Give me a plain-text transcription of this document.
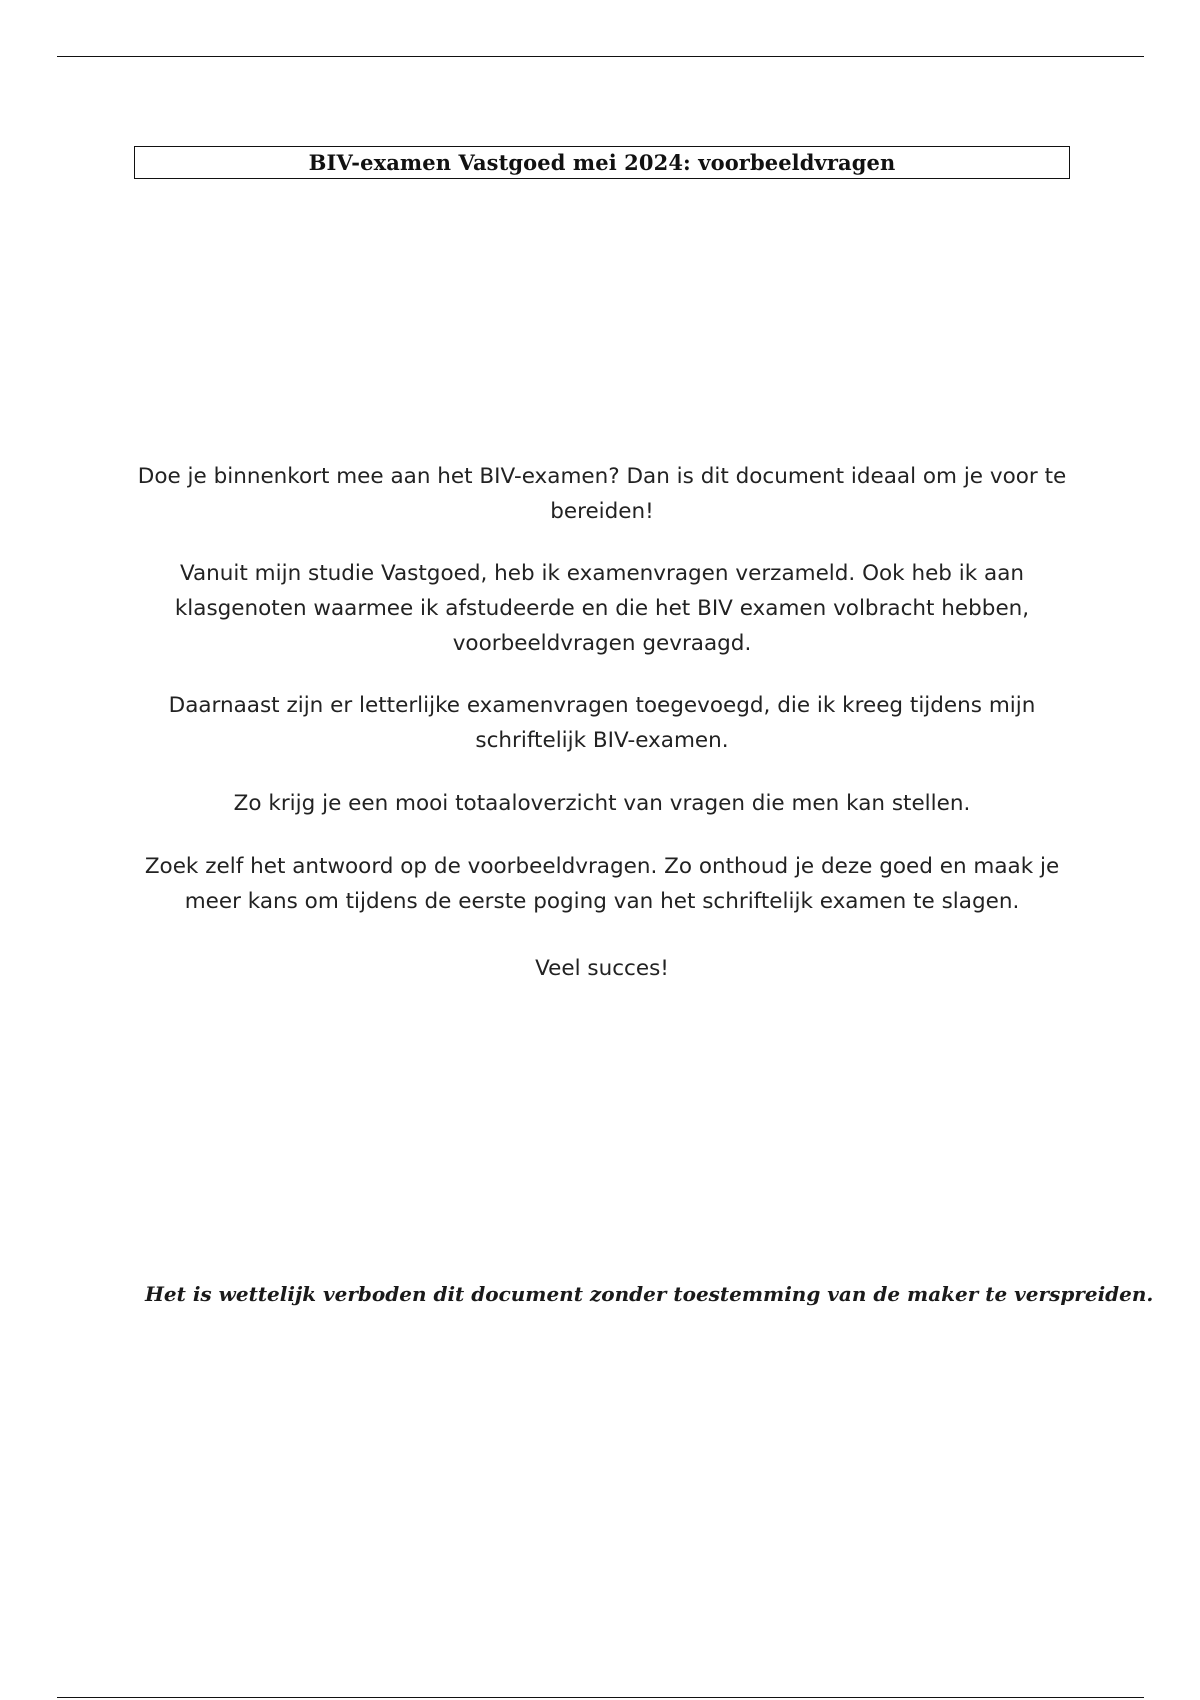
BIV-examen Vastgoed mei 2024: voorbeeldvragen

Doe je binnenkort mee aan het BIV-examen? Dan is dit document ideaal om je voor te bereiden!

Vanuit mijn studie Vastgoed, heb ik examenvragen verzameld. Ook heb ik aan klasgenoten waarmee ik afstudeerde en die het BIV examen volbracht hebben, voorbeeldvragen gevraagd.

Daarnaast zijn er letterlijke examenvragen toegevoegd, die ik kreeg tijdens mijn schriftelijk BIV-examen.

Zo krijg je een mooi totaaloverzicht van vragen die men kan stellen.

Zoek zelf het antwoord op de voorbeeldvragen. Zo onthoud je deze goed en maak je meer kans om tijdens de eerste poging van het schriftelijk examen te slagen.

Veel succes!

Het is wettelijk verboden dit document zonder toestemming van de maker te verspreiden.
